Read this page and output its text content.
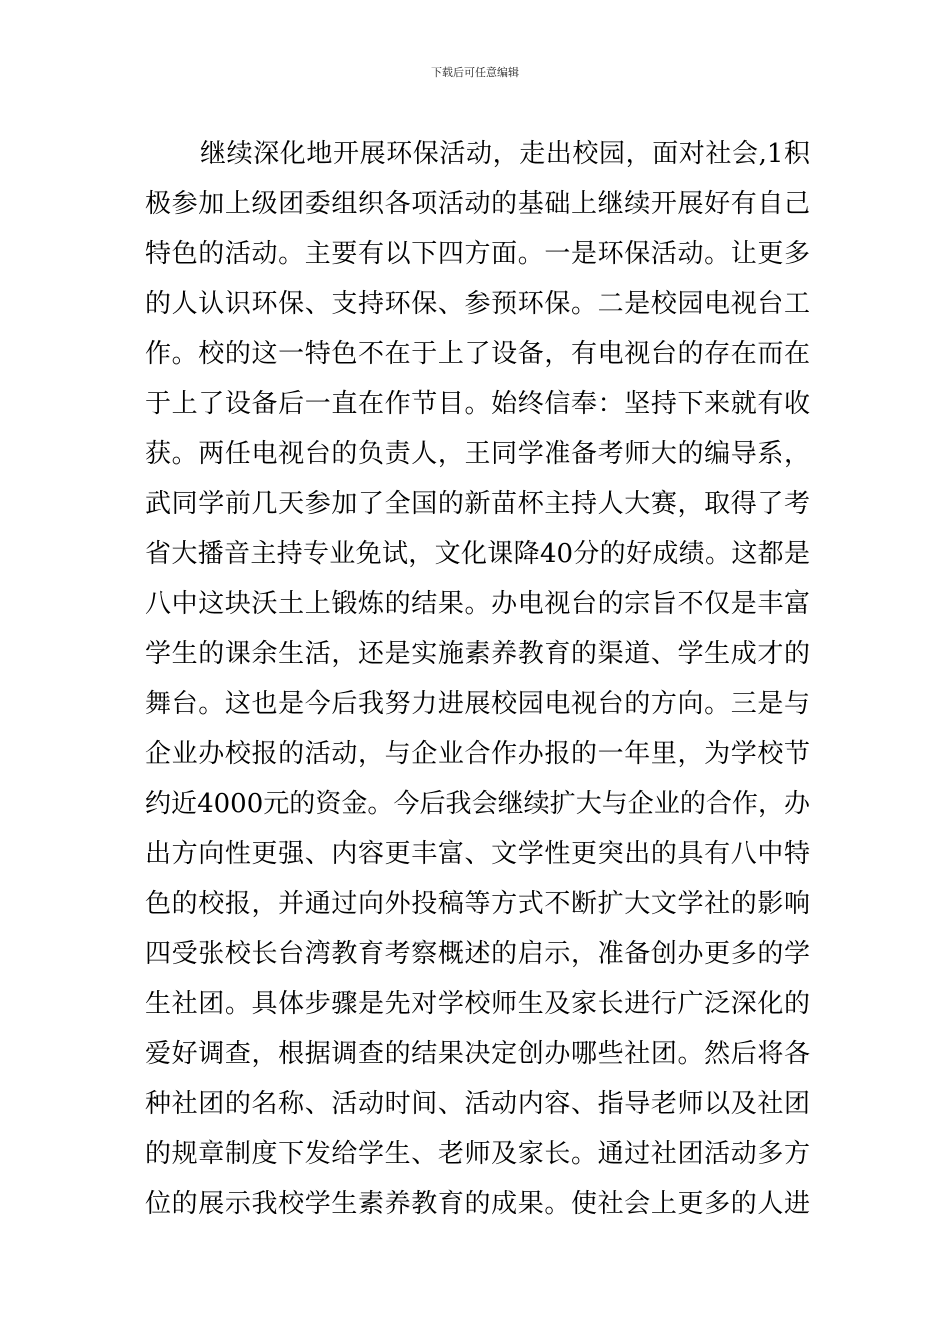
下载后可任意编辑
继续深化地开展环保活动，走出校园，面对社会,1积
极参加上级团委组织各项活动的基础上继续开展好有自己
特色的活动。主要有以下四方面。一是环保活动。让更多
的人认识环保、支持环保、参预环保。二是校园电视台工
作。校的这一特色不在于上了设备，有电视台的存在而在
于上了设备后一直在作节目。始终信奉：坚持下来就有收
获。两任电视台的负责人，王同学准备考师大的编导系，
武同学前几天参加了全国的新苗杯主持人大赛，取得了考
省大播音主持专业免试，文化课降40分的好成绩。这都是
八中这块沃土上锻炼的结果。办电视台的宗旨不仅是丰富
学生的课余生活，还是实施素养教育的渠道、学生成才的
舞台。这也是今后我努力进展校园电视台的方向。三是与
企业办校报的活动，与企业合作办报的一年里，为学校节
约近4000元的资金。今后我会继续扩大与企业的合作，办
出方向性更强、内容更丰富、文学性更突出的具有八中特
色的校报，并通过向外投稿等方式不断扩大文学社的影响
四受张校长台湾教育考察概述的启示，准备创办更多的学
生社团。具体步骤是先对学校师生及家长进行广泛深化的
爱好调查，根据调查的结果决定创办哪些社团。然后将各
种社团的名称、活动时间、活动内容、指导老师以及社团
的规章制度下发给学生、老师及家长。通过社团活动多方
位的展示我校学生素养教育的成果。使社会上更多的人进
